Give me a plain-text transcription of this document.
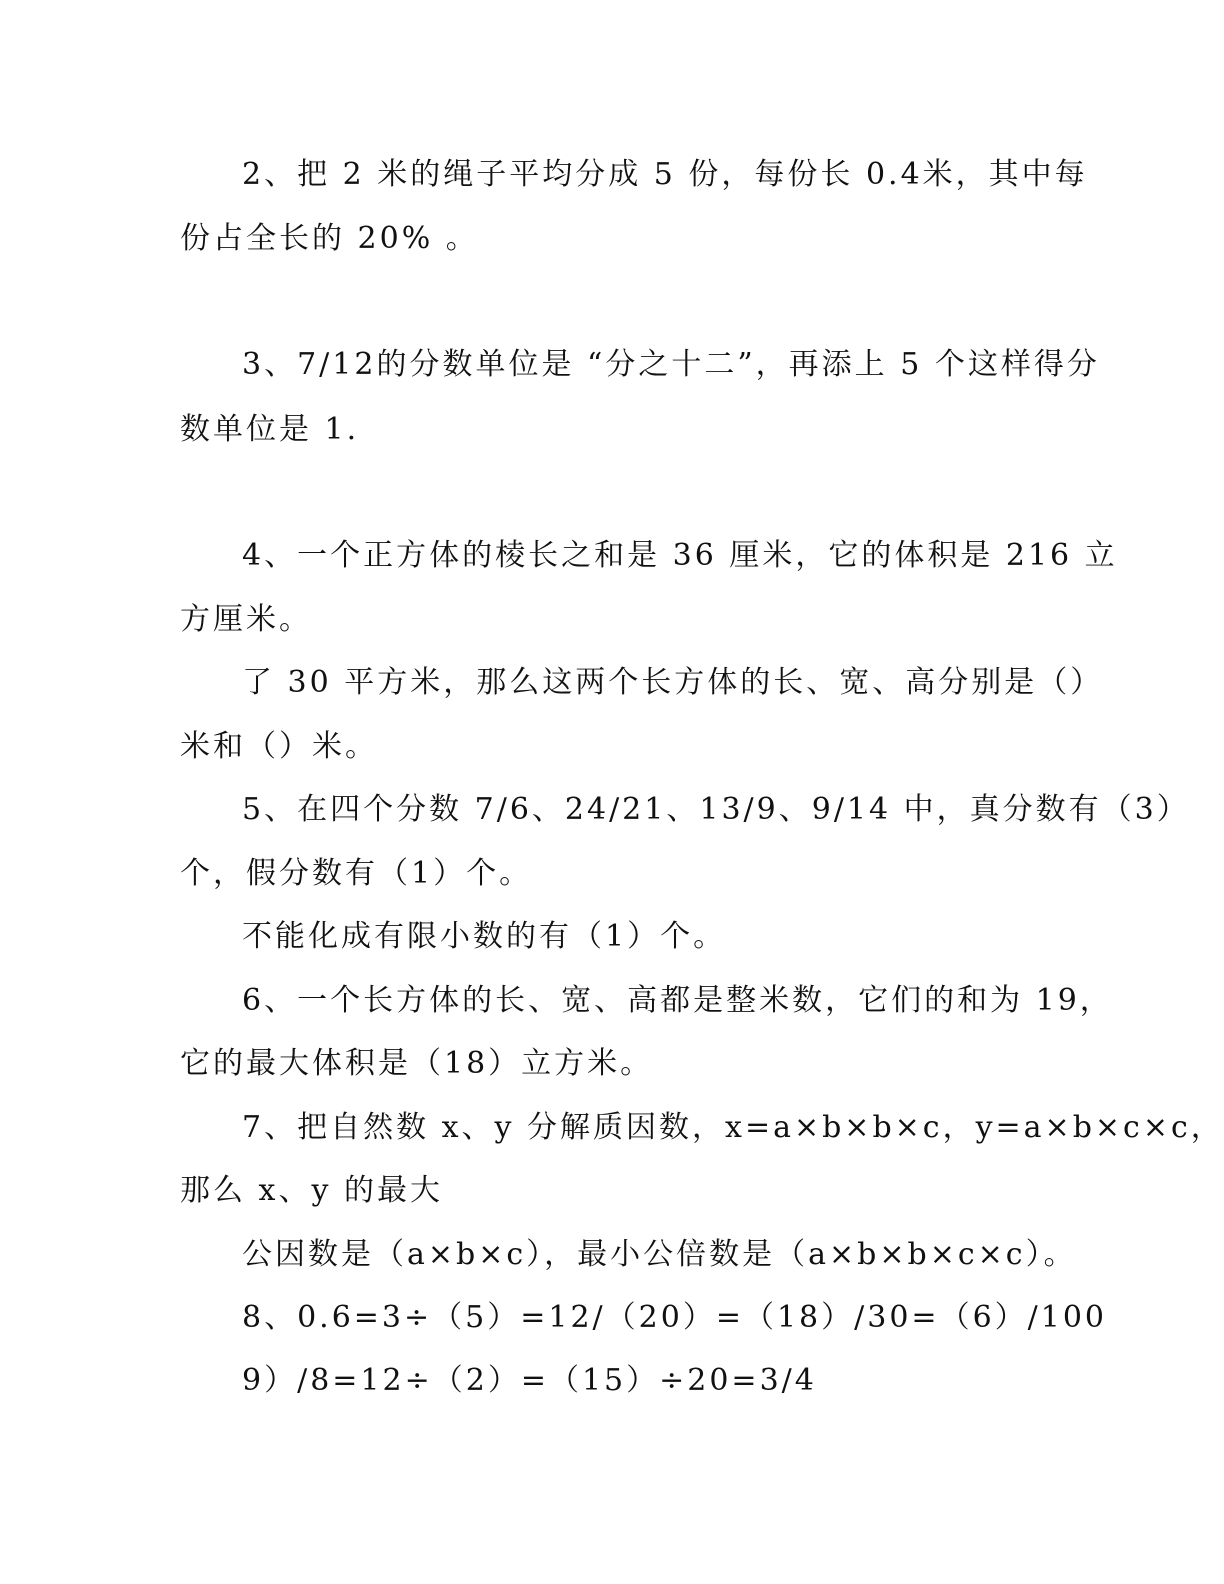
2、把 2 米的绳子平均分成 5 份，每份长 0.4米，其中每
份占全长的 20% 。
3、7/12的分数单位是 “分之十二”，再添上 5 个这样得分
数单位是 1.
4、一个正方体的棱长之和是 36 厘米，它的体积是 216 立
方厘米。
了 30 平方米，那么这两个长方体的长、宽、高分别是（）
米和（）米。
5、在四个分数 7/6、24/21、13/9、9/14 中，真分数有（3）
个，假分数有（1）个。
不能化成有限小数的有（1）个。
6、一个长方体的长、宽、高都是整米数，它们的和为 19，
它的最大体积是（18）立方米。
7、把自然数 x、y 分解质因数，x=a×b×b×c，y=a×b×c×c，
那么 x、y 的最大
公因数是（a×b×c），最小公倍数是（a×b×b×c×c）。
8、0.6=3÷（5）=12/（20）=（18）/30=（6）/100
9）/8=12÷（2）=（15）÷20=3/4
